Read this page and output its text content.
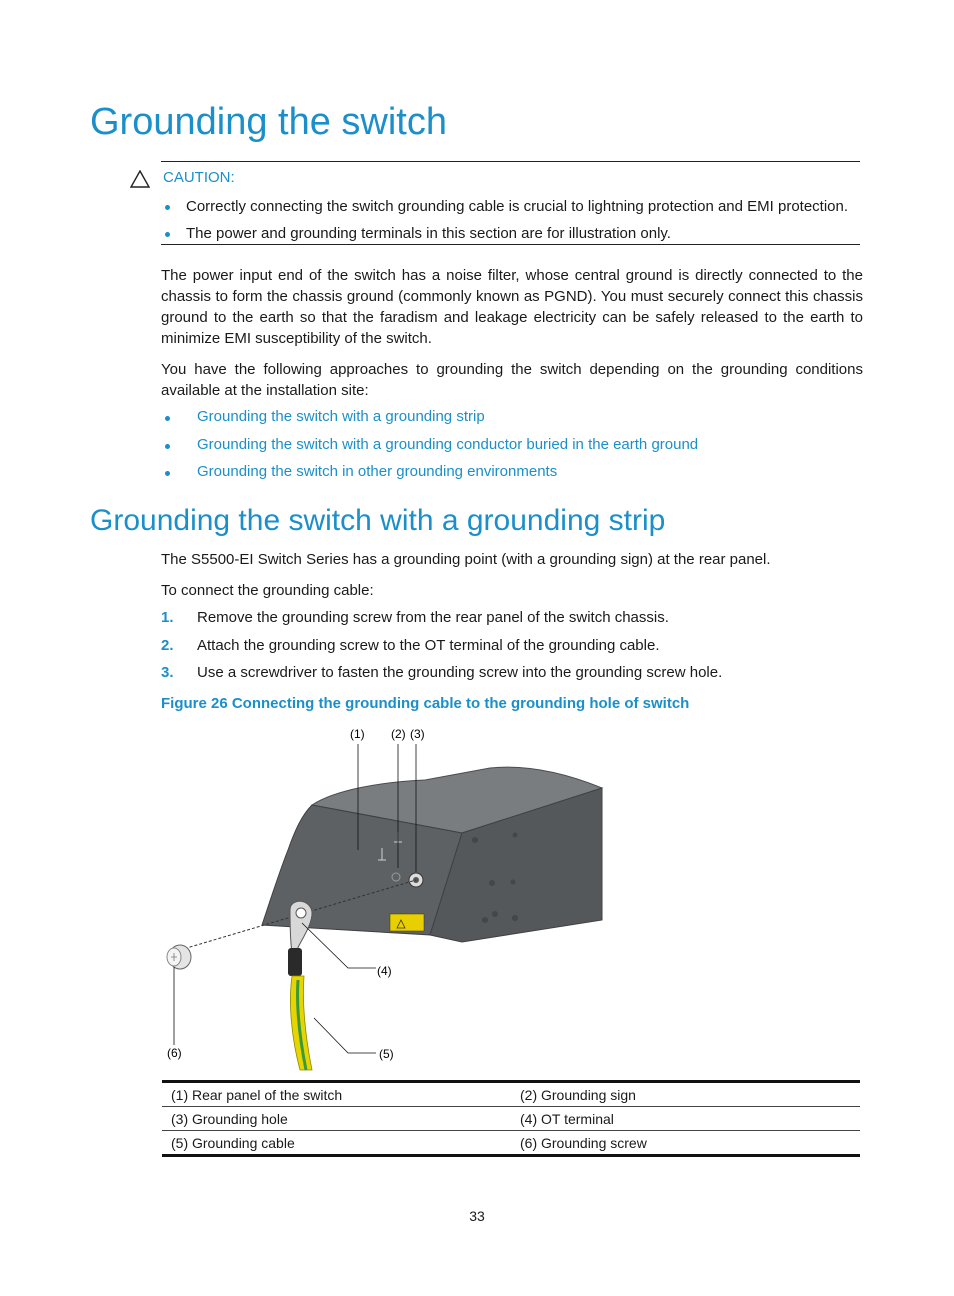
Grounding the switch
CAUTION:
Correctly connecting the switch grounding cable is crucial to lightning protection and EMI protection.
The power and grounding terminals in this section are for illustration only.

The power input end of the switch has a noise filter, whose central ground is directly connected to the chassis to form the chassis ground (commonly known as PGND). You must securely connect this chassis ground to the earth so that the faradism and leakage electricity can be safely released to the earth to minimize EMI susceptibility of the switch.

You have the following approaches to grounding the switch depending on the grounding conditions available at the installation site:

Grounding the switch with a grounding strip
Grounding the switch with a grounding conductor buried in the earth ground
Grounding the switch in other grounding environments
Grounding the switch with a grounding strip
The S5500-EI Switch Series has a grounding point (with a grounding sign) at the rear panel.
To connect the grounding cable:
1. Remove the grounding screw from the rear panel of the switch chassis.
2. Attach the grounding screw to the OT terminal of the grounding cable.
3. Use a screwdriver to fasten the grounding screw into the grounding screw hole.
Figure 26 Connecting the grounding cable to the grounding hole of switch
(1) (2) (3)
(4)
(5)
(6)
(1) Rear panel of the switch	(2) Grounding sign
(3) Grounding hole	(4) OT terminal
(5) Grounding cable	(6) Grounding screw
33
